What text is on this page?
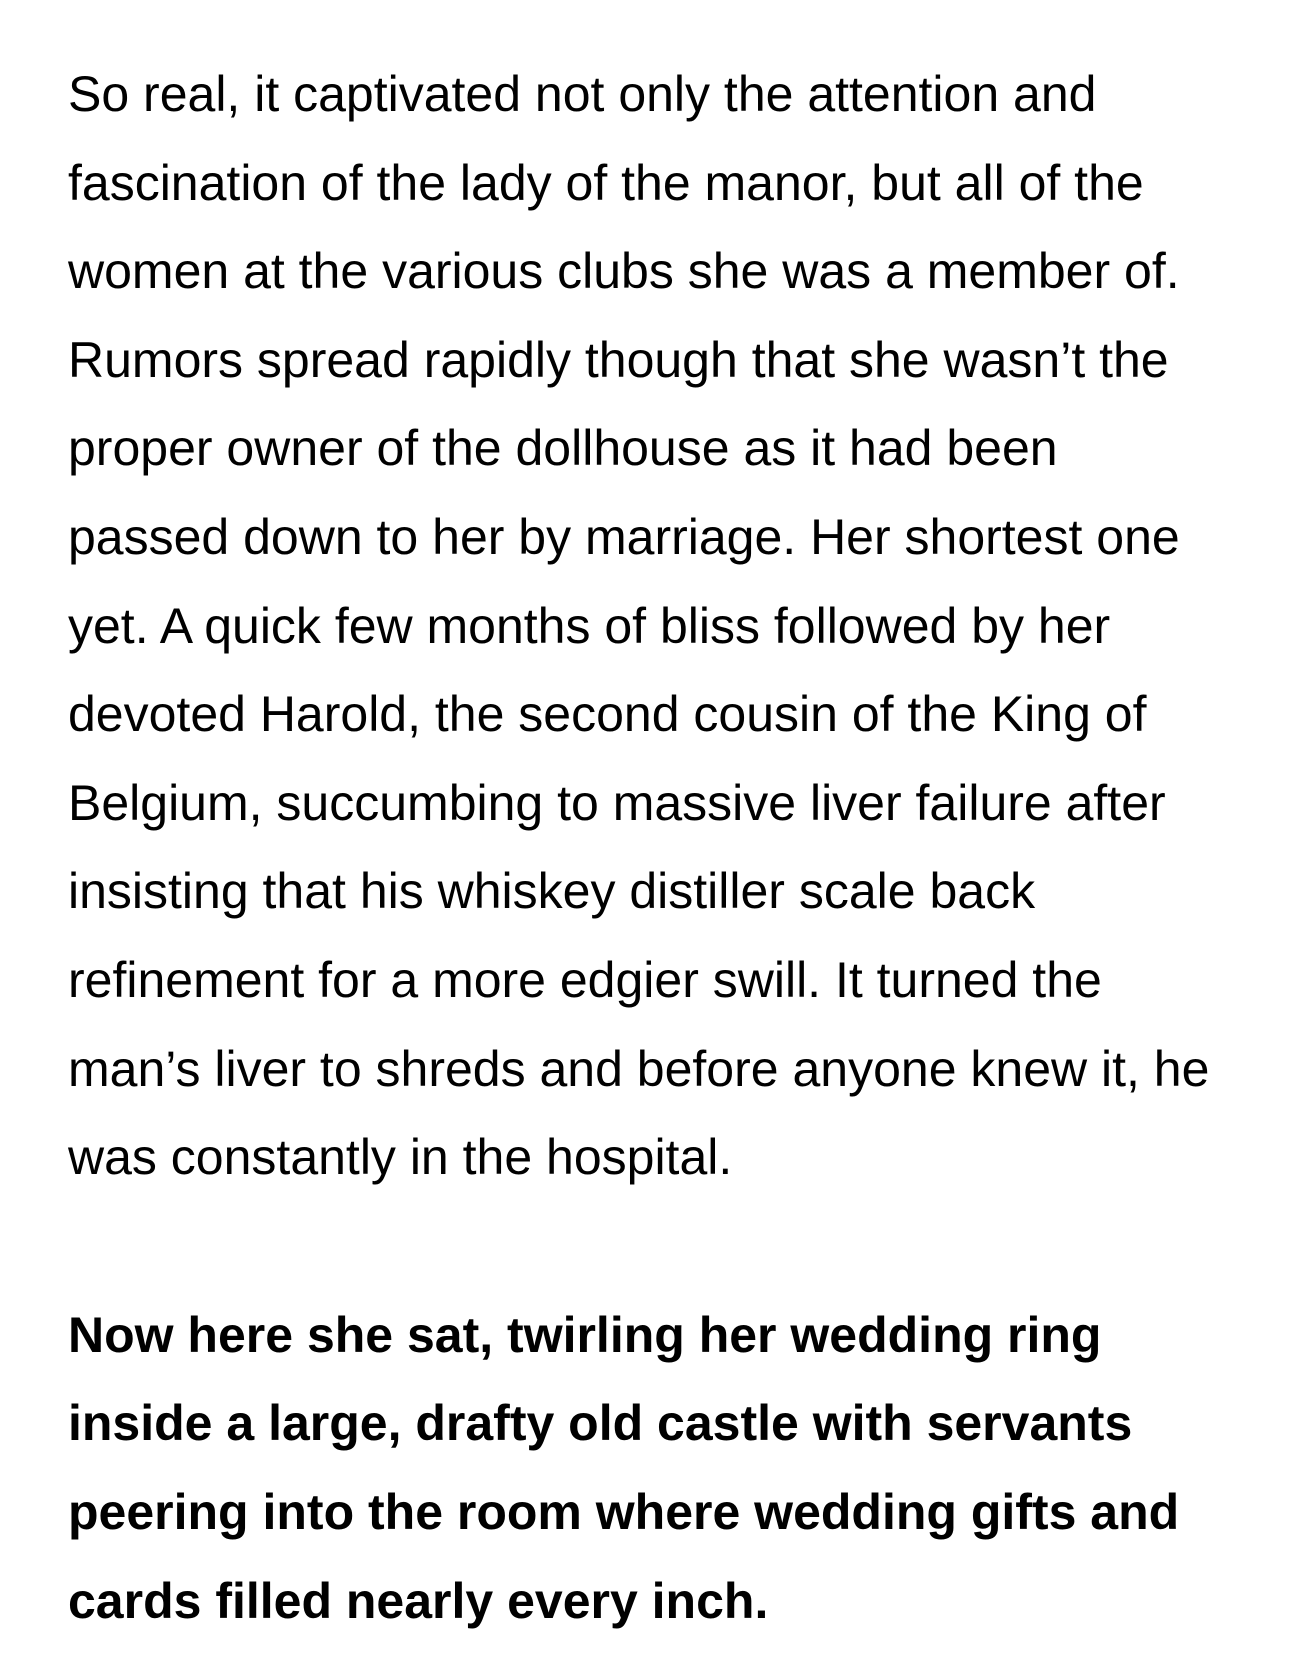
So real, it captivated not only the attention and
fascination of the lady of the manor, but all of the
women at the various clubs she was a member of.
Rumors spread rapidly though that she wasn’t the
proper owner of the dollhouse as it had been
passed down to her by marriage. Her shortest one
yet. A quick few months of bliss followed by her
devoted Harold, the second cousin of the King of
Belgium, succumbing to massive liver failure after
insisting that his whiskey distiller scale back
refinement for a more edgier swill. It turned the
man’s liver to shreds and before anyone knew it, he
was constantly in the hospital.
Now here she sat, twirling her wedding ring
inside a large, drafty old castle with servants
peering into the room where wedding gifts and
cards filled nearly every inch.
